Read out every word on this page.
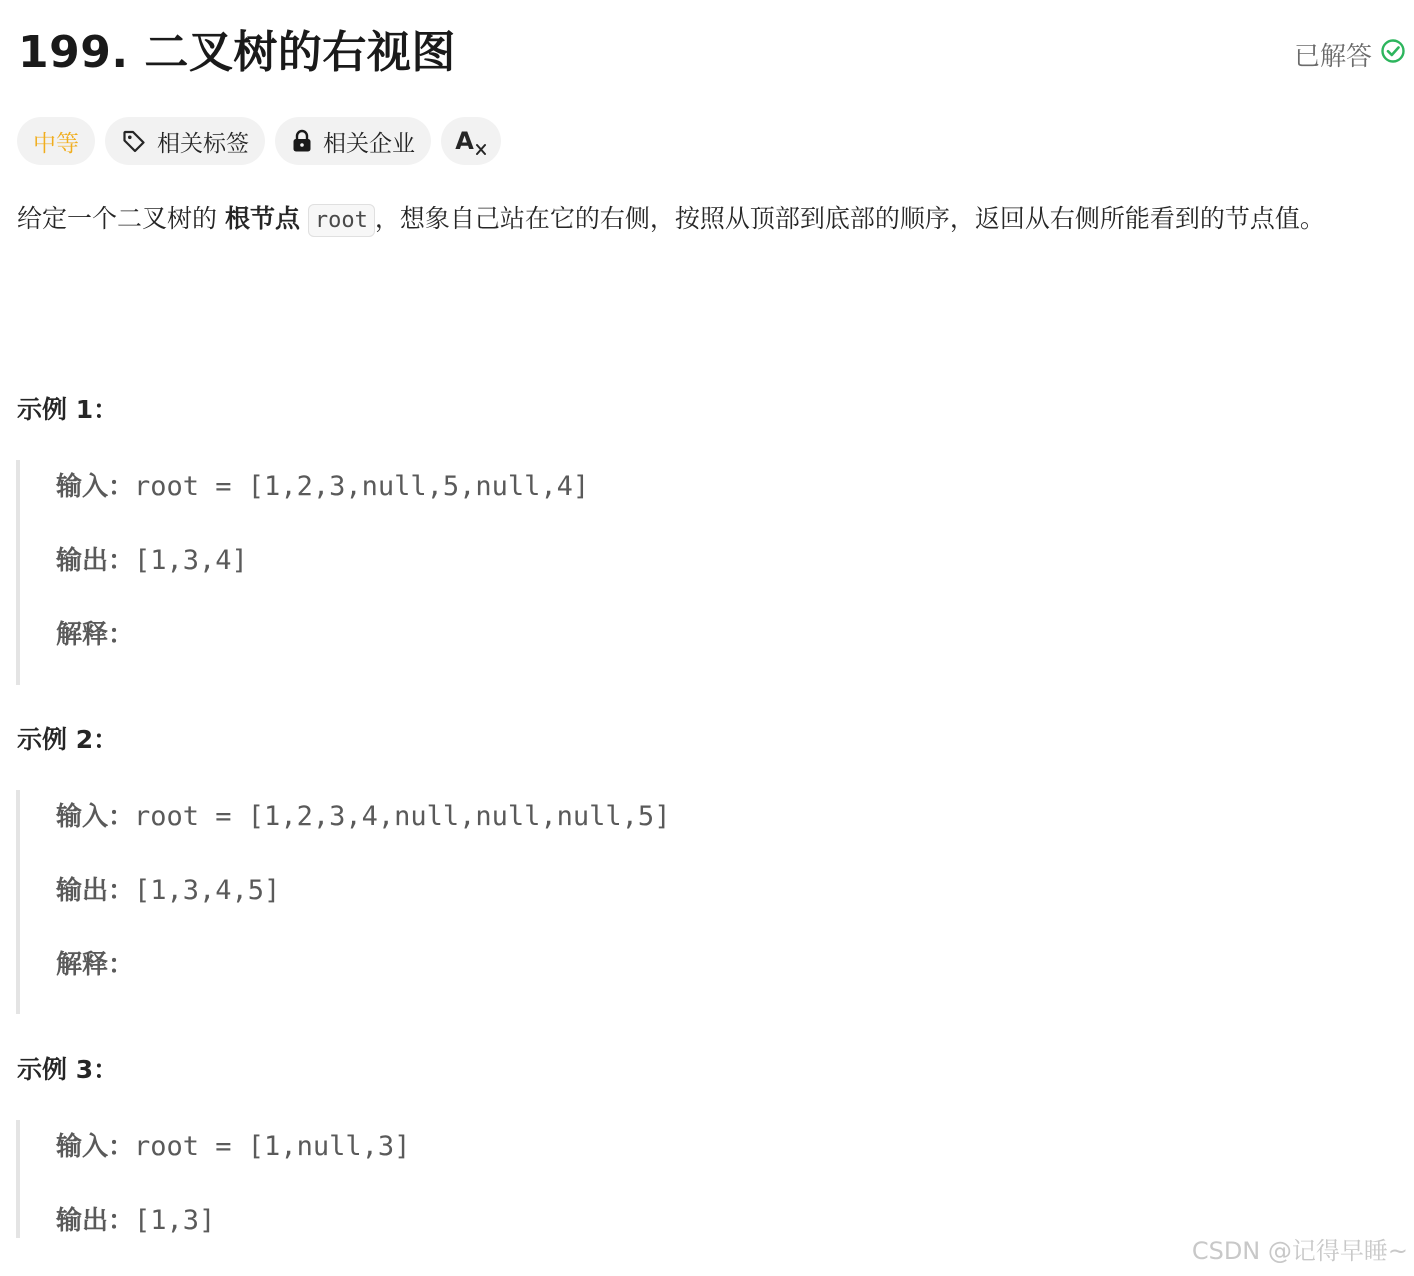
199. 二叉树的右视图	已解答
中等	相关标签	相关企业 A
给定一个二叉树的 根节点 root ，想象自己站在它的右侧，按照从顶部到底部的顺序，返回从右侧所能看到的节点值。
示例 1：
输入：root = [1,2,3,null,5,null,4]
输出：[1,3,4]
解释：
示例 2：
输入：root = [1,2,3,4,null,null,null,5]
输出：[1,3,4,5]
解释：
示例 3：
输入：root = [1,null,3]
输出：[1,3]
CSDN @记得早睡~
